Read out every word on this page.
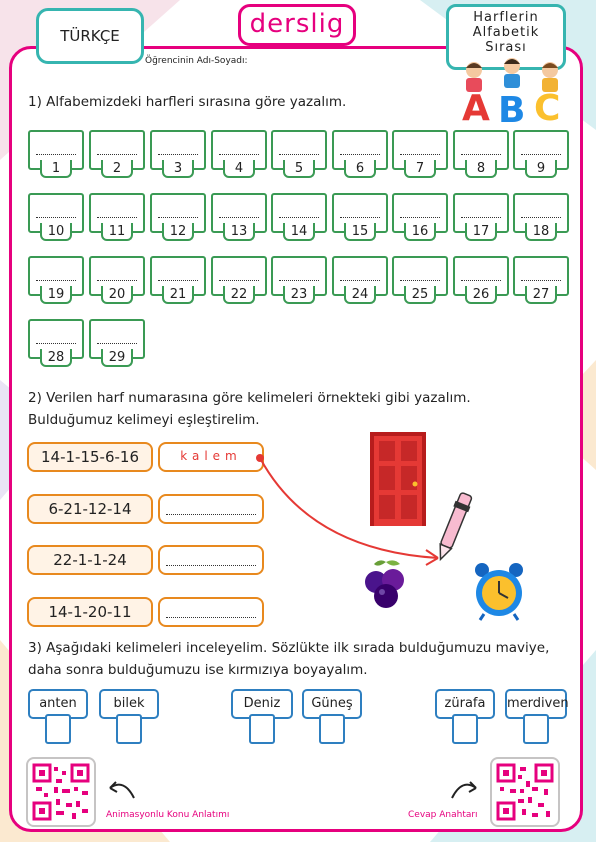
TÜRKÇE	derslig	Harflerin
Alfabetik
Sırası
Öğrencinin Adı-Soyadı:
A B C
1) Alfabemizdeki harfleri sırasına göre yazalım.
1	2	3	4	5	6	7	8	9
10	11	12	13	14	15	16	17	18
19	20	21	22	23	24	25	26	27
28	29
2) Verilen harf numarasına göre kelimeleri örnekteki gibi yazalım.
Bulduğumuz kelimeyi eşleştirelim.
14-1-15-6-16	kalem
6-21-12-14
22-1-1-24
14-1-20-11
3) Aşağıdaki kelimeleri inceleyelim. Sözlükte ilk sırada bulduğumuzu maviye,
daha sonra bulduğumuzu ise kırmızıya boyayalım.
anten	bilek	Deniz	Güneş	zürafa	merdiven
Animasyonlu Konu Anlatımı	Cevap Anahtarı
